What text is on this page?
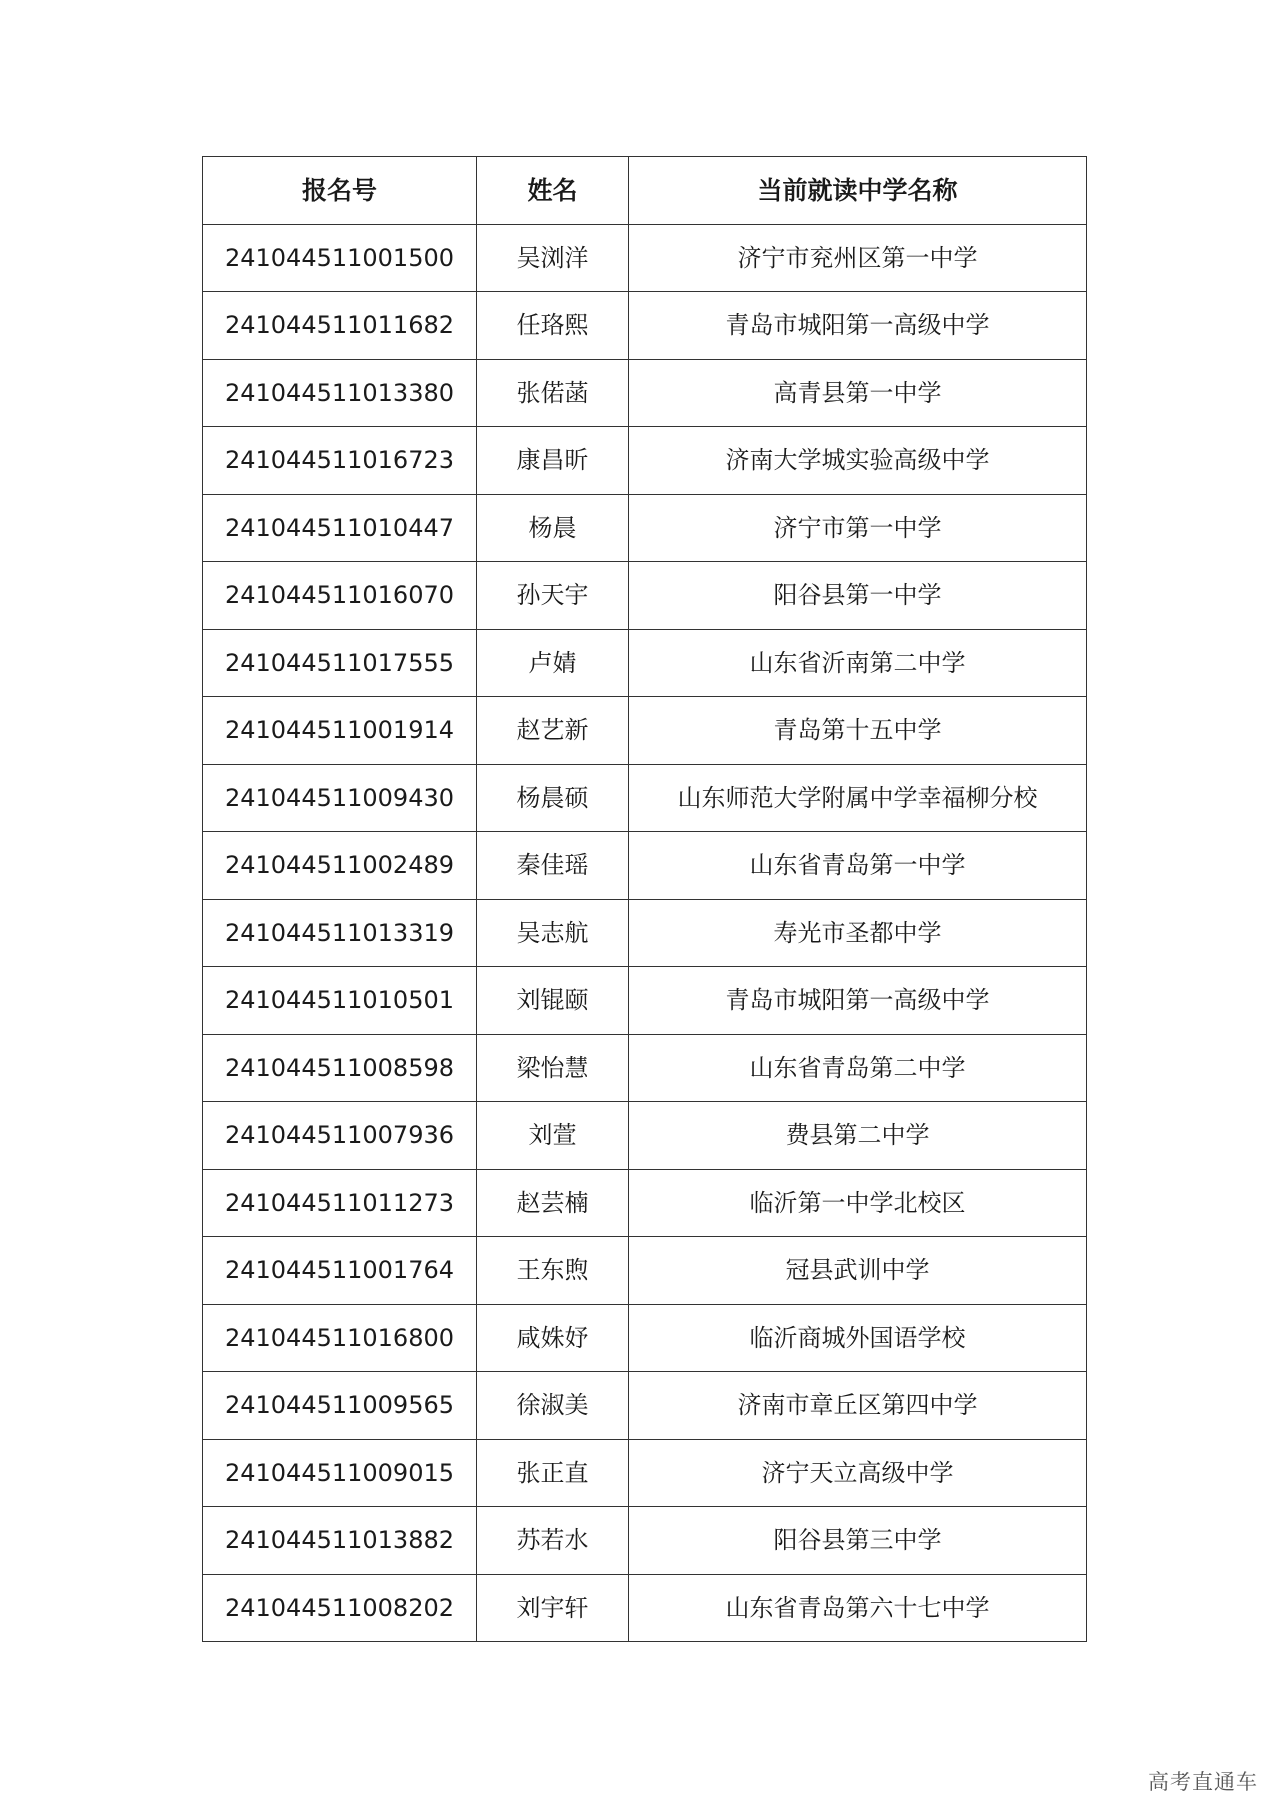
报名号	姓名	当前就读中学名称
241044511001500	吴浏洋	济宁市兖州区第一中学
241044511011682	任珞熙	青岛市城阳第一高级中学
241044511013380	张偌菡	高青县第一中学
241044511016723	康昌昕	济南大学城实验高级中学
241044511010447	杨晨	济宁市第一中学
241044511016070	孙天宇	阳谷县第一中学
241044511017555	卢婧	山东省沂南第二中学
241044511001914	赵艺新	青岛第十五中学
241044511009430	杨晨硕	山东师范大学附属中学幸福柳分校
241044511002489	秦佳瑶	山东省青岛第一中学
241044511013319	吴志航	寿光市圣都中学
241044511010501	刘锟颐	青岛市城阳第一高级中学
241044511008598	梁怡慧	山东省青岛第二中学
241044511007936	刘萱	费县第二中学
241044511011273	赵芸楠	临沂第一中学北校区
241044511001764	王东煦	冠县武训中学
241044511016800	咸姝妤	临沂商城外国语学校
241044511009565	徐淑美	济南市章丘区第四中学
241044511009015	张正直	济宁天立高级中学
241044511013882	苏若水	阳谷县第三中学
241044511008202	刘宇轩	山东省青岛第六十七中学
高考直通车
